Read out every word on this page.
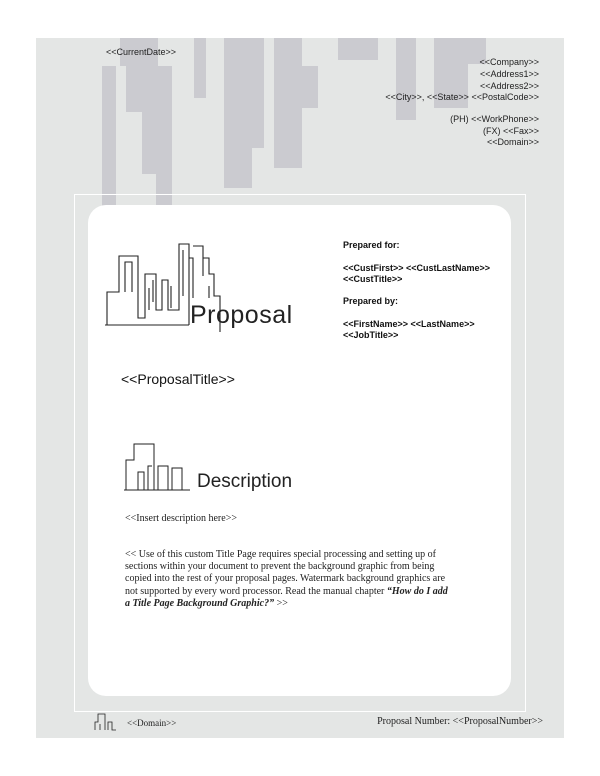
<<CurrentDate>>
<<Company>>
<<Address1>>
<<Address2>>
<<City>>, <<State>> <<PostalCode>>
(PH) <<WorkPhone>>
(FX) <<Fax>>
<<Domain>>
Proposal
Prepared for:
<<CustFirst>> <<CustLastName>>
<<CustTitle>>
Prepared by:
<<FirstName>> <<LastName>>
<<JobTitle>>
<<ProposalTitle>>
Description
<<Insert description here>>
<< Use of this custom Title Page requires special processing and setting up of
sections within your document to prevent the background graphic from being
copied into the rest of your proposal pages. Watermark background graphics are
not supported by every word processor. Read the manual chapter “How do I add
a Title Page Background Graphic?” >>
<<Domain>>	Proposal Number: <<ProposalNumber>>
